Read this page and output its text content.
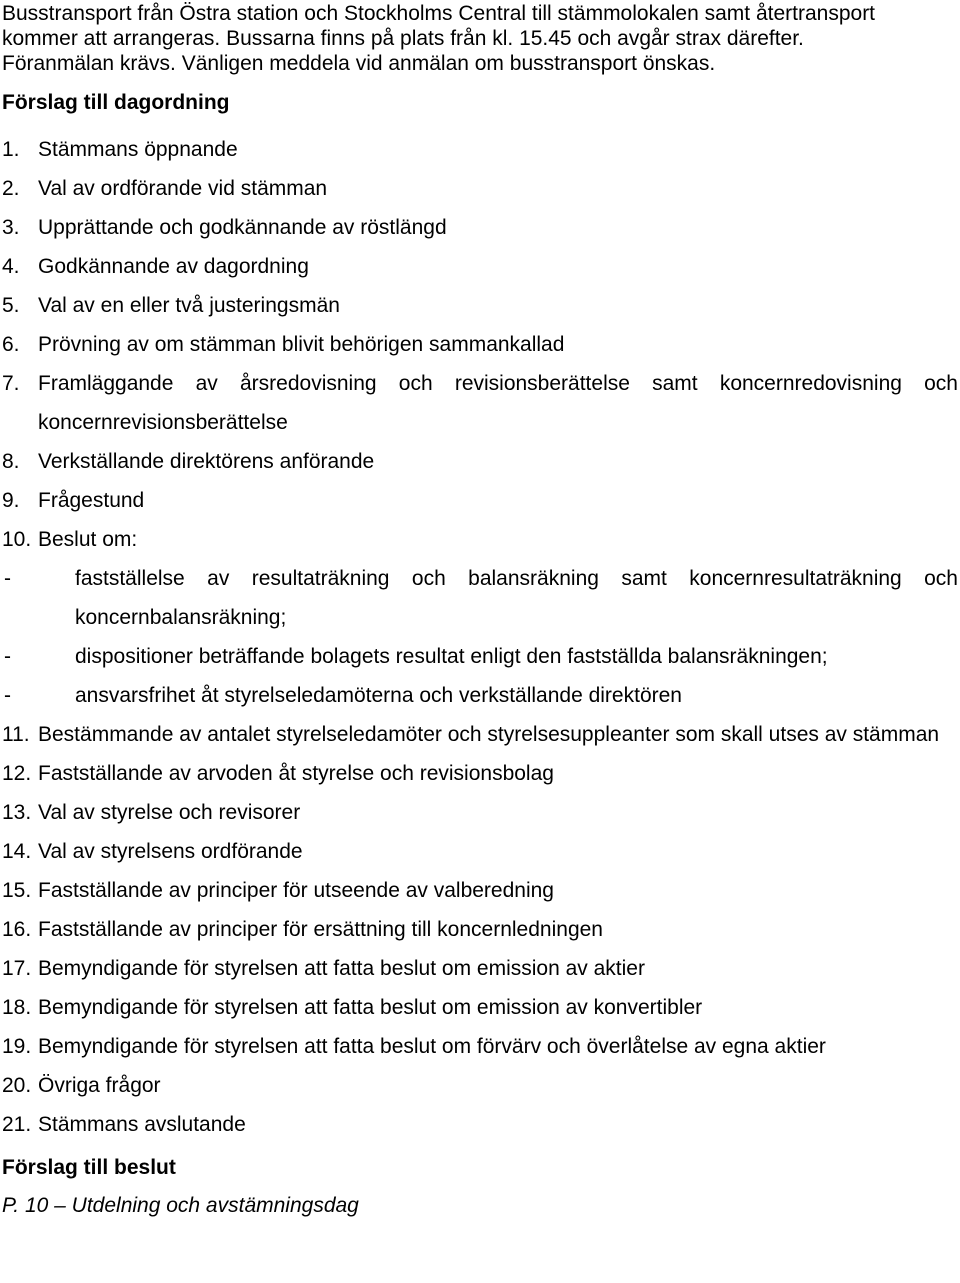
Busstransport från Östra station och Stockholms Central till stämmolokalen samt återtransport
kommer att arrangeras. Bussarna finns på plats från kl. 15.45 och avgår strax därefter.
Föranmälan krävs. Vänligen meddela vid anmälan om busstransport önskas.

Förslag till dagordning

1. Stämmans öppnande
2. Val av ordförande vid stämman
3. Upprättande och godkännande av röstlängd
4. Godkännande av dagordning
5. Val av en eller två justeringsmän
6. Prövning av om stämman blivit behörigen sammankallad
7. Framläggande av årsredovisning och revisionsberättelse samt koncernredovisning och koncernrevisionsberättelse
8. Verkställande direktörens anförande
9. Frågestund
10. Beslut om:
-	fastställelse av resultaträkning och balansräkning samt koncernresultaträkning och koncernbalansräkning;
-	dispositioner beträffande bolagets resultat enligt den fastställda balansräkningen;
-	ansvarsfrihet åt styrelseledamöterna och verkställande direktören
11. Bestämmande av antalet styrelseledamöter och styrelsesuppleanter som skall utses av stämman
12. Fastställande av arvoden åt styrelse och revisionsbolag
13. Val av styrelse och revisorer
14. Val av styrelsens ordförande
15. Fastställande av principer för utseende av valberedning
16. Fastställande av principer för ersättning till koncernledningen
17. Bemyndigande för styrelsen att fatta beslut om emission av aktier
18. Bemyndigande för styrelsen att fatta beslut om emission av konvertibler
19. Bemyndigande för styrelsen att fatta beslut om förvärv och överlåtelse av egna aktier
20. Övriga frågor
21. Stämmans avslutande

Förslag till beslut

P. 10 – Utdelning och avstämningsdag
